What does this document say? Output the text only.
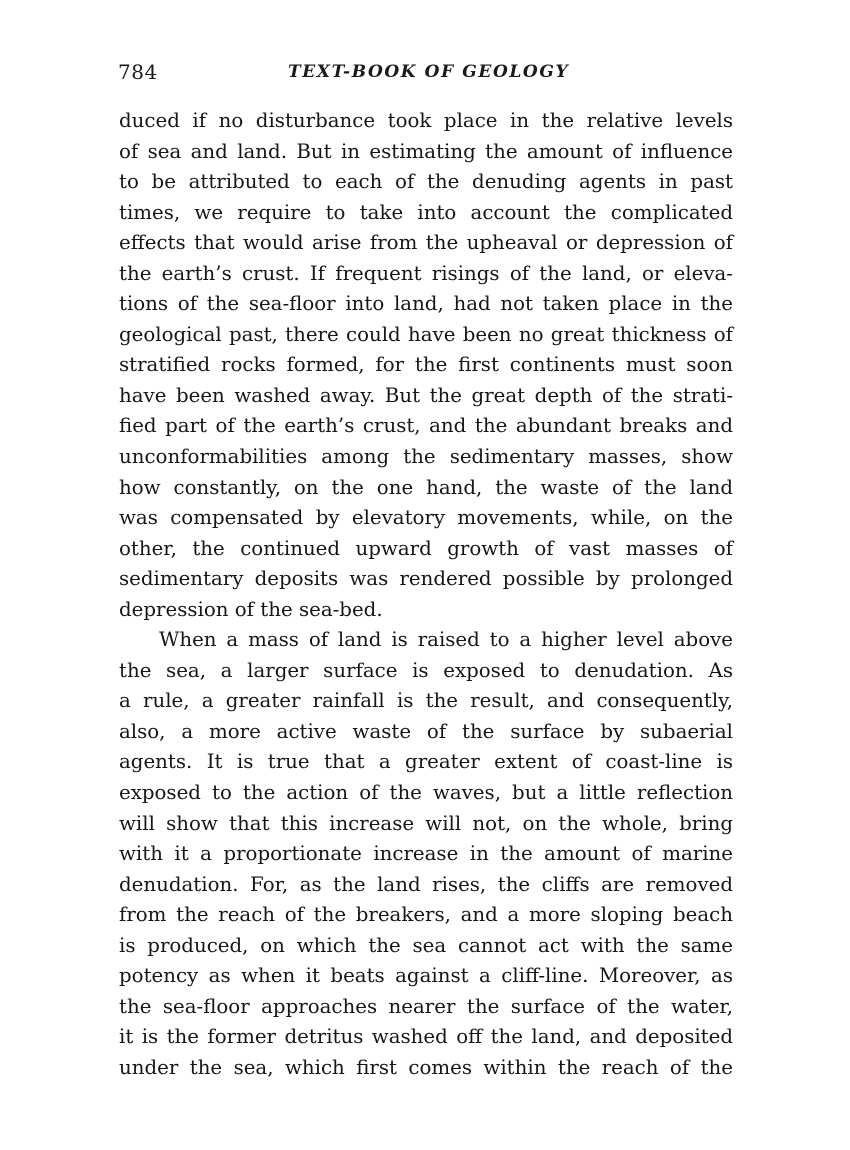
784	TEXT-BOOK OF GEOLOGY
duced if no disturbance took place in the relative levels
of sea and land. But in estimating the amount of influence
to be attributed to each of the denuding agents in past
times, we require to take into account the complicated
effects that would arise from the upheaval or depression of
the earth’s crust. If frequent risings of the land, or eleva-
tions of the sea-floor into land, had not taken place in the
geological past, there could have been no great thickness of
stratified rocks formed, for the first continents must soon
have been washed away. But the great depth of the strati-
fied part of the earth’s crust, and the abundant breaks and
unconformabilities among the sedimentary masses, show
how constantly, on the one hand, the waste of the land
was compensated by elevatory movements, while, on the
other, the continued upward growth of vast masses of
sedimentary deposits was rendered possible by prolonged
depression of the sea-bed.
When a mass of land is raised to a higher level above
the sea, a larger surface is exposed to denudation. As
a rule, a greater rainfall is the result, and consequently,
also, a more active waste of the surface by subaerial
agents. It is true that a greater extent of coast-line is
exposed to the action of the waves, but a little reflection
will show that this increase will not, on the whole, bring
with it a proportionate increase in the amount of marine
denudation. For, as the land rises, the cliffs are removed
from the reach of the breakers, and a more sloping beach
is produced, on which the sea cannot act with the same
potency as when it beats against a cliff-line. Moreover, as
the sea-floor approaches nearer the surface of the water,
it is the former detritus washed off the land, and deposited
under the sea, which first comes within the reach of the
